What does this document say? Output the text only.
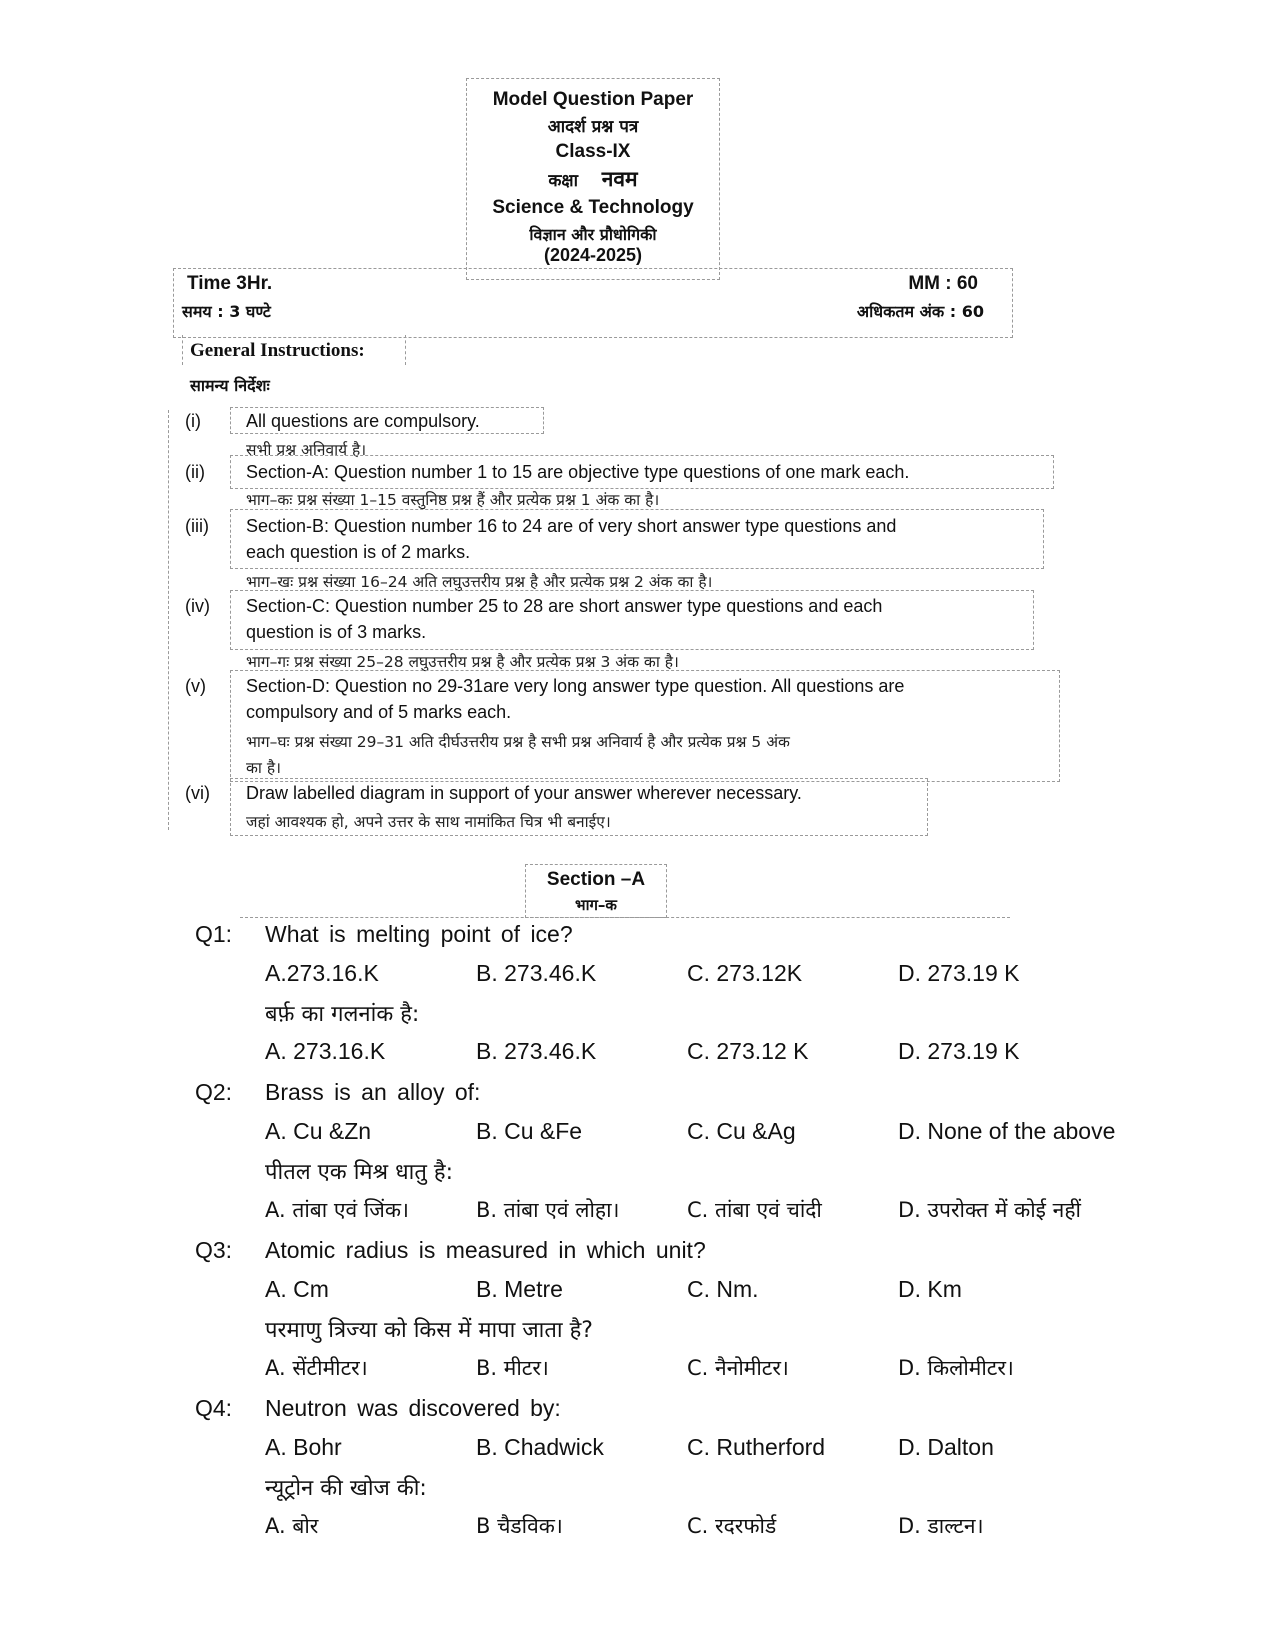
Model Question Paper
आदर्श प्रश्न पत्र
Class-IX
कक्षा नवम
Science & Technology
विज्ञान और प्रौधोगिकी
(2024-2025)
Time 3Hr.
समय : 3 घण्टे
MM : 60
अधिकतम अंक : 60
General Instructions:
सामन्य निर्देशः
(i)	All questions are compulsory.
सभी प्रश्न अनिवार्य है।
(ii) Section-A: Question number 1 to 15 are objective type questions of one mark each.
भाग–कः प्रश्न संख्या 1–15 वस्तुनिष्ठ प्रश्न हैं और प्रत्येक प्रश्न 1 अंक का है।
(iii) Section-B: Question number 16 to 24 are of very short answer type questions and
each question is of 2 marks.
भाग–खः प्रश्न संख्या 16–24 अति लघुउत्तरीय प्रश्न है और प्रत्येक प्रश्न 2 अंक का है।
(iv) Section-C: Question number 25 to 28 are short answer type questions and each
question is of 3 marks.
भाग–गः प्रश्न संख्या 25–28 लघुउत्तरीय प्रश्न है और प्रत्येक प्रश्न 3 अंक का है।
(v) Section-D: Question no 29-31are very long answer type question. All questions are
compulsory and of 5 marks each.
भाग–घः प्रश्न संख्या 29–31 अति दीर्घउत्तरीय प्रश्न है सभी प्रश्न अनिवार्य है और प्रत्येक प्रश्न 5 अंक
का है।
(vi) Draw labelled diagram in support of your answer wherever necessary.
जहां आवश्यक हो, अपने उत्तर के साथ नामांकित चित्र भी बनाईए।
Section –A
भाग–क
Q1: What is melting point of ice?
A.273.16.K	B. 273.46.K	C. 273.12K	D. 273.19 K
बर्फ़ का गलनांक है:
A. 273.16.K	B. 273.46.K	C. 273.12 K	D. 273.19 K
Q2: Brass is an alloy of:
A. Cu &Zn	B. Cu &Fe	C. Cu &Ag	D. None of the above
पीतल एक मिश्र धातु है:
A. तांबा एवं जिंक।	B. तांबा एवं लोहा।	C. तांबा एवं चांदी	D. उपरोक्त में कोई नहीं
Q3: Atomic radius is measured in which unit?
A. Cm	B. Metre	C. Nm.	D. Km
परमाणु त्रिज्या को किस में मापा जाता है?
A. सेंटीमीटर।	B. मीटर।	C. नैनोमीटर।	D. किलोमीटर।
Q4: Neutron was discovered by:
A. Bohr	B. Chadwick	C. Rutherford	D. Dalton
न्यूट्रोन की खोज की:
A. बोर	B चैडविक।	C. रदरफोर्ड	D. डाल्टन।
